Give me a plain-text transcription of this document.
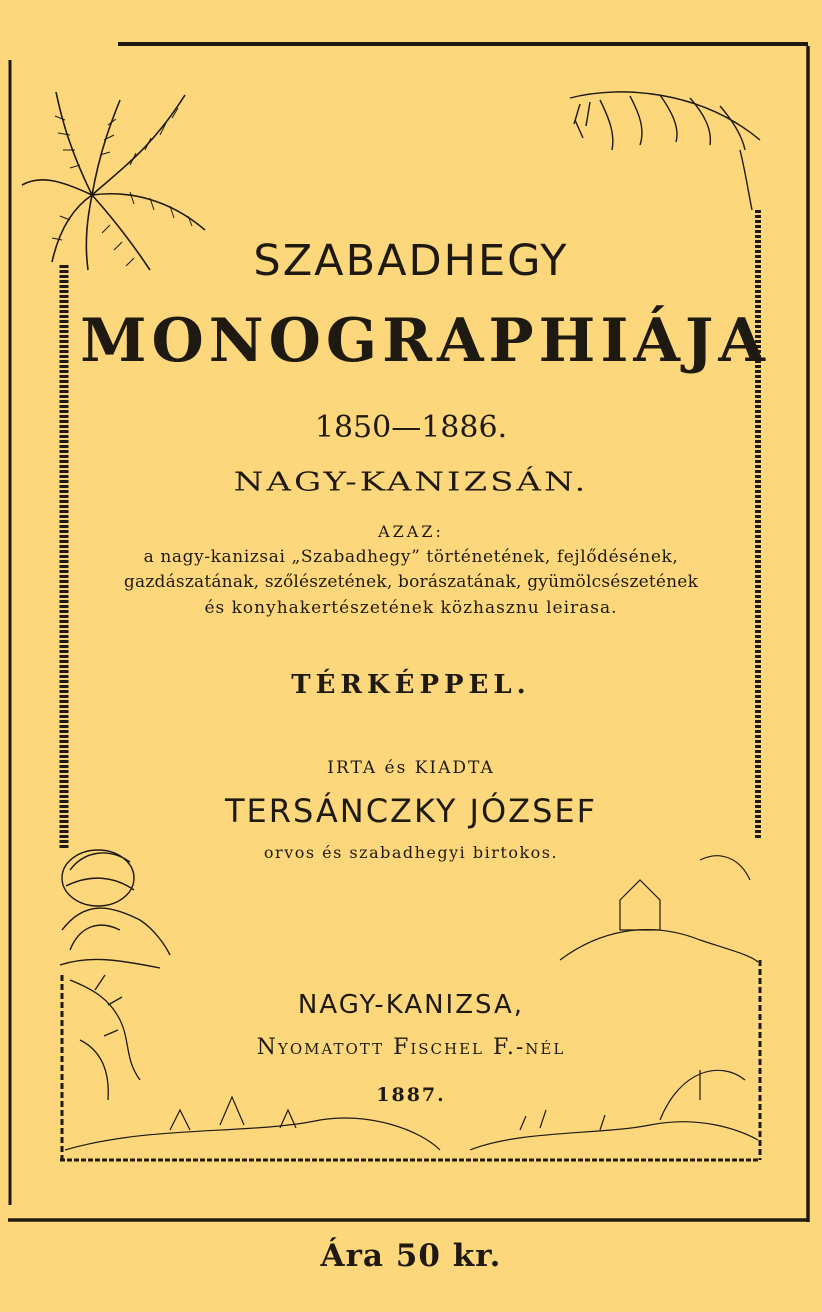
SZABADHEGY
MONOGRAPHIÁJA
1850—1886.
NAGY-KANIZSÁN.
AZAZ:
a nagy-kanizsai „Szabadhegy” történetének, fejlődésének,
gazdászatának, szőlészetének, borászatának, gyümölcsészetének
és konyhakertészetének közhasznu leirasa.
TÉRKÉPPEL.
IRTA és KIADTA
TERSÁNCZKY JÓZSEF
orvos és szabadhegyi birtokos.
NAGY-KANIZSA,
Nyomatott Fischel F.-nél
1887.
Ára 50 kr.
